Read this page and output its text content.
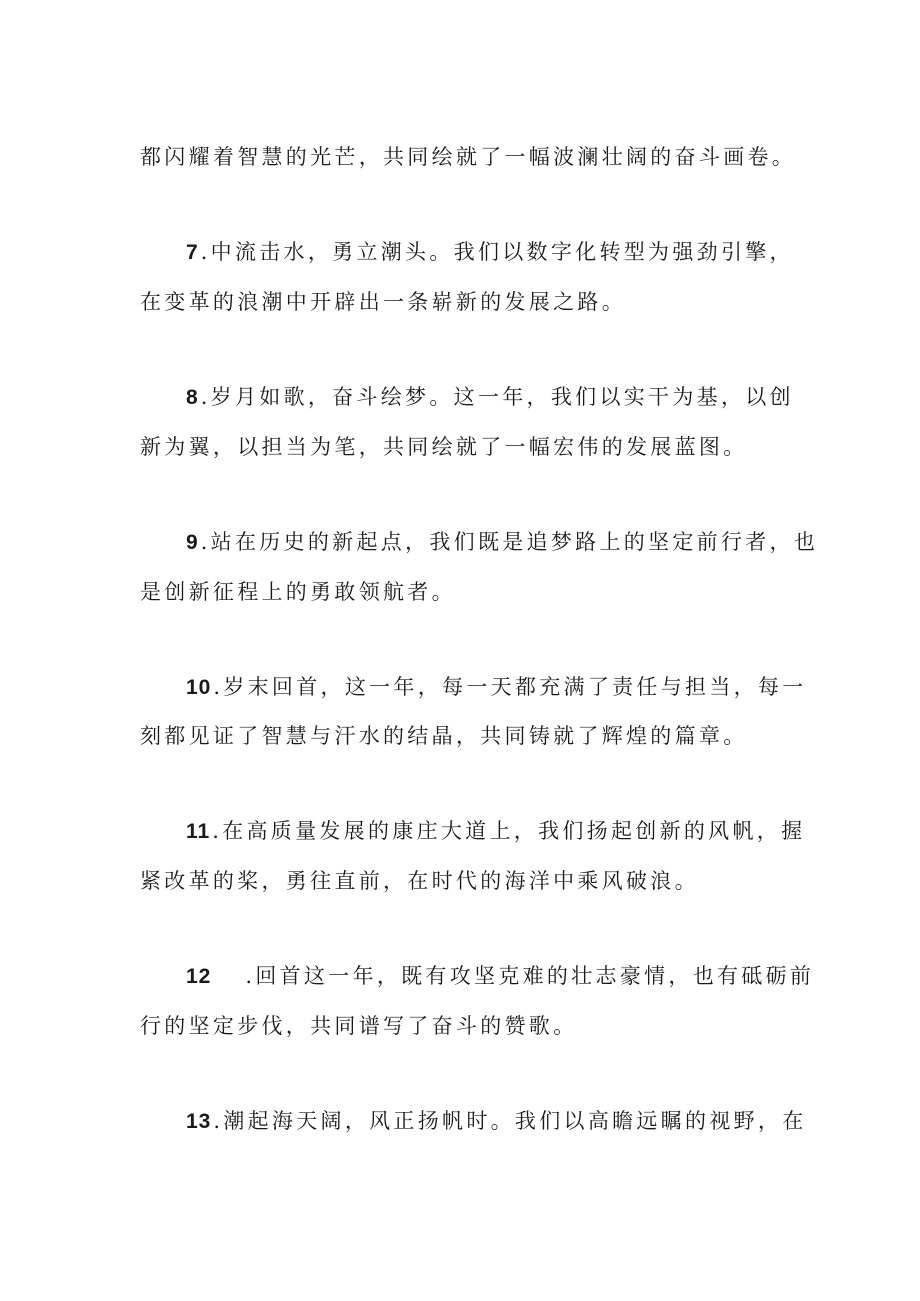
都闪耀着智慧的光芒，共同绘就了一幅波澜壮阔的奋斗画卷。
7.中流击水，勇立潮头。我们以数字化转型为强劲引擎，
在变革的浪潮中开辟出一条崭新的发展之路。
8.岁月如歌，奋斗绘梦。这一年，我们以实干为基，以创
新为翼，以担当为笔，共同绘就了一幅宏伟的发展蓝图。
9.站在历史的新起点，我们既是追梦路上的坚定前行者，也
是创新征程上的勇敢领航者。
10.岁末回首，这一年，每一天都充满了责任与担当，每一
刻都见证了智慧与汗水的结晶，共同铸就了辉煌的篇章。
11.在高质量发展的康庄大道上，我们扬起创新的风帆，握
紧改革的桨，勇往直前，在时代的海洋中乘风破浪。
12 .回首这一年，既有攻坚克难的壮志豪情，也有砥砺前
行的坚定步伐，共同谱写了奋斗的赞歌。
13.潮起海天阔，风正扬帆时。我们以高瞻远瞩的视野，在
